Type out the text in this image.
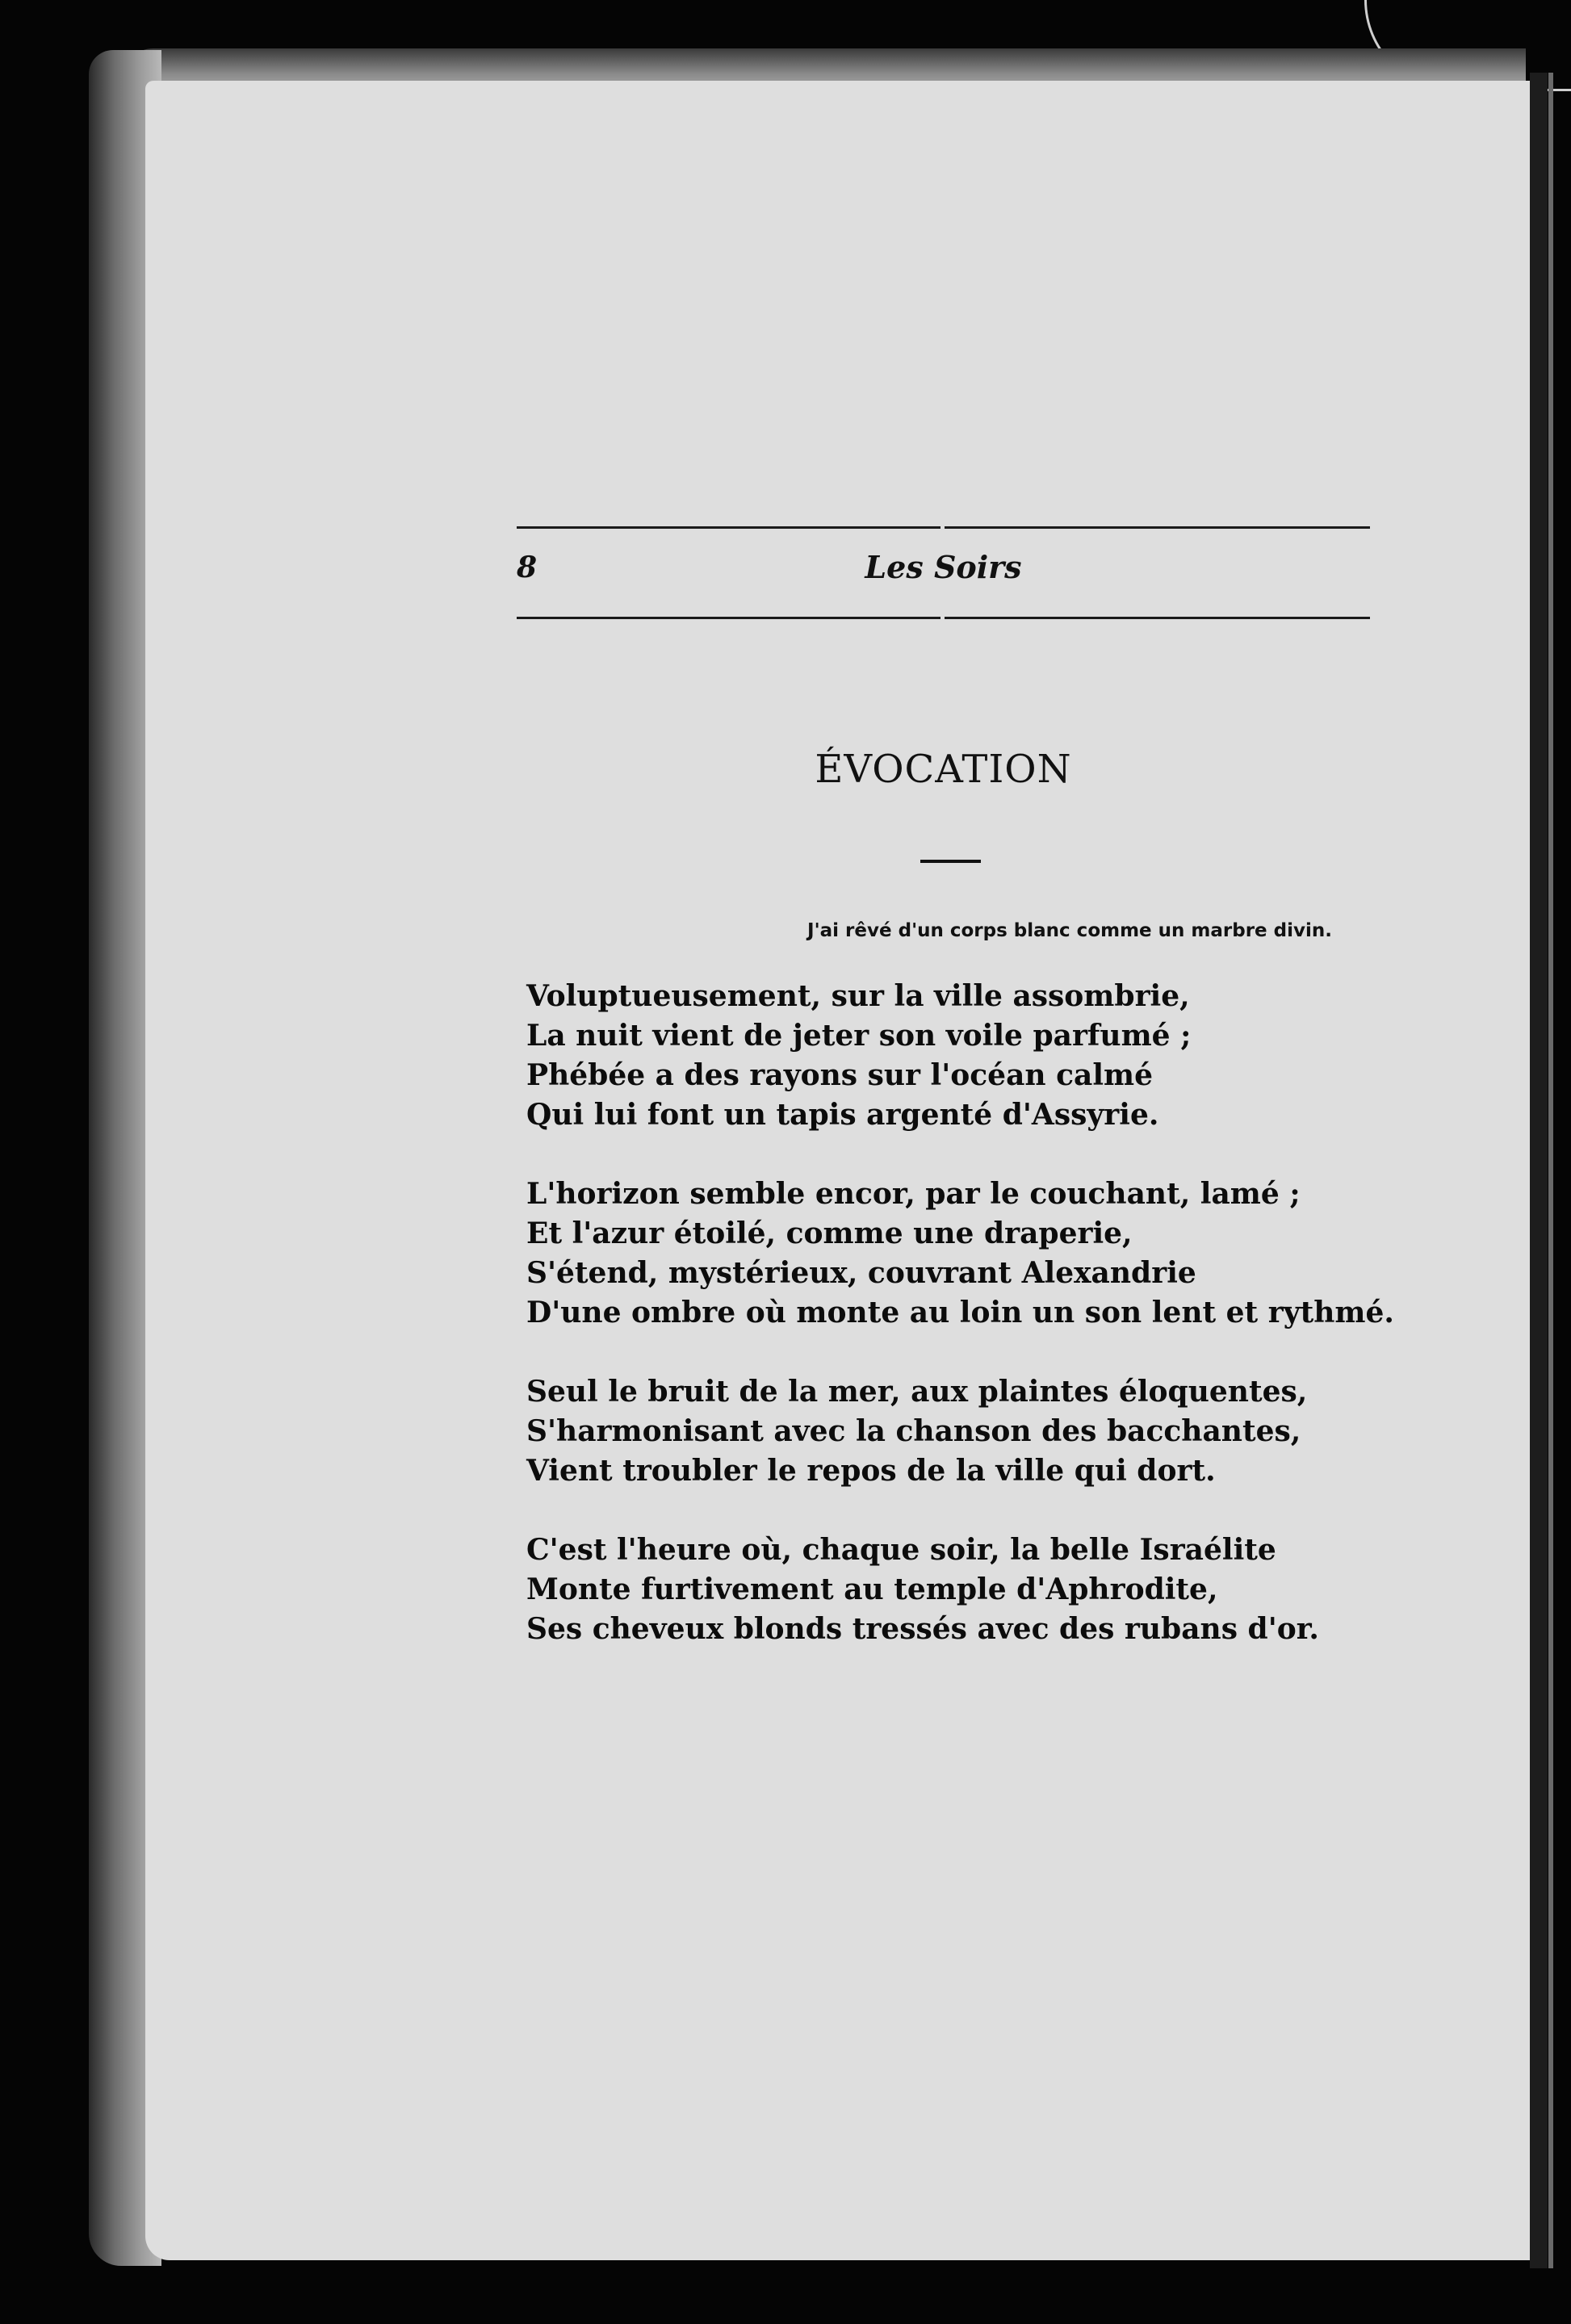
8	Les Soirs
ÉVOCATION
J'ai rêvé d'un corps blanc comme un marbre divin.
Voluptueusement, sur la ville assombrie,
La nuit vient de jeter son voile parfumé ;
Phébée a des rayons sur l'océan calmé
Qui lui font un tapis argenté d'Assyrie.
L'horizon semble encor, par le couchant, lamé ;
Et l'azur étoilé, comme une draperie,
S'étend, mystérieux, couvrant Alexandrie
D'une ombre où monte au loin un son lent et rythmé.
Seul le bruit de la mer, aux plaintes éloquentes,
S'harmonisant avec la chanson des bacchantes,
Vient troubler le repos de la ville qui dort.
C'est l'heure où, chaque soir, la belle Israélite
Monte furtivement au temple d'Aphrodite,
Ses cheveux blonds tressés avec des rubans d'or.
